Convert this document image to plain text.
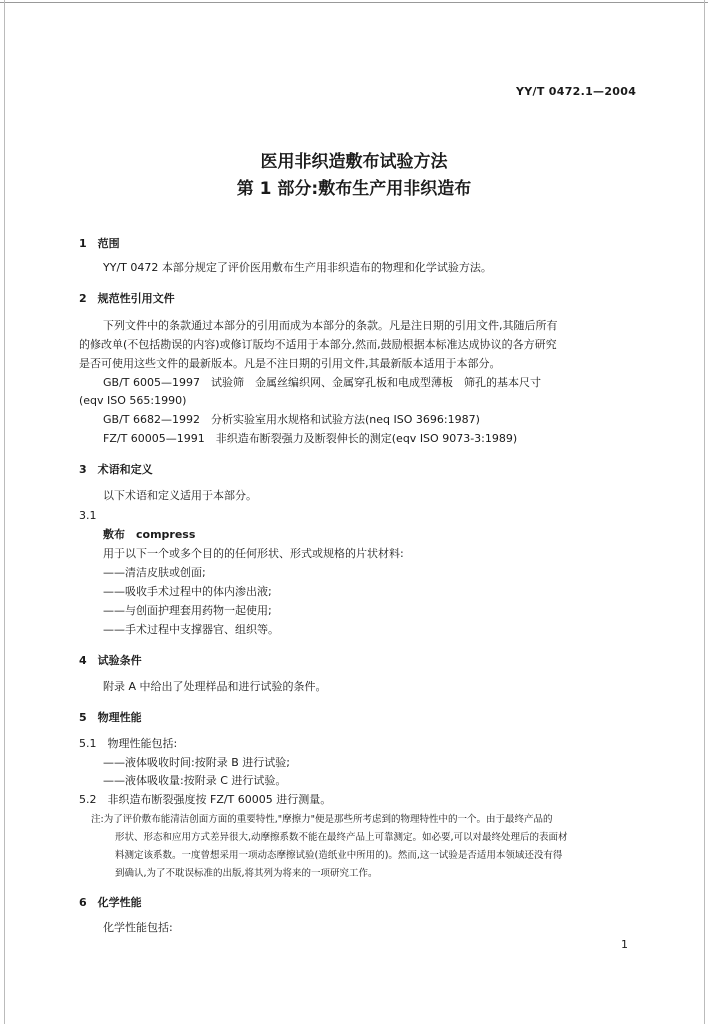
YY/T 0472.1—2004
医用非织造敷布试验方法
第 1 部分:敷布生产用非织造布
1　范围
YY/T 0472 本部分规定了评价医用敷布生产用非织造布的物理和化学试验方法。
2　规范性引用文件
下列文件中的条款通过本部分的引用而成为本部分的条款。凡是注日期的引用文件,其随后所有
的修改单(不包括勘误的内容)或修订版均不适用于本部分,然而,鼓励根据本标准达成协议的各方研究
是否可使用这些文件的最新版本。凡是不注日期的引用文件,其最新版本适用于本部分。
GB/T 6005—1997　试验筛　金属丝编织网、金属穿孔板和电成型薄板　筛孔的基本尺寸
(eqv ISO 565:1990)
GB/T 6682—1992　分析实验室用水规格和试验方法(neq ISO 3696:1987)
FZ/T 60005—1991　非织造布断裂强力及断裂伸长的测定(eqv ISO 9073-3:1989)
3　术语和定义
以下术语和定义适用于本部分。
3.1
敷布　compress
用于以下一个或多个目的的任何形状、形式或规格的片状材料:
——清洁皮肤或创面;
——吸收手术过程中的体内渗出液;
——与创面护理套用药物一起使用;
——手术过程中支撑器官、组织等。
4　试验条件
附录 A 中给出了处理样品和进行试验的条件。
5　物理性能
5.1　物理性能包括:
——液体吸收时间:按附录 B 进行试验;
——液体吸收量:按附录 C 进行试验。
5.2　非织造布断裂强度按 FZ/T 60005 进行测量。
注:为了评价敷布能清洁创面方面的重要特性,"摩擦力"便是那些所考虑到的物理特性中的一个。由于最终产品的
形状、形态和应用方式差异很大,动摩擦系数不能在最终产品上可靠测定。如必要,可以对最终处理后的表面材
料测定该系数。一度曾想采用一项动态摩擦试验(造纸业中所用的)。然而,这一试验是否适用本领域还没有得
到确认,为了不耽误标准的出版,将其列为将来的一项研究工作。
6　化学性能
化学性能包括:
1
